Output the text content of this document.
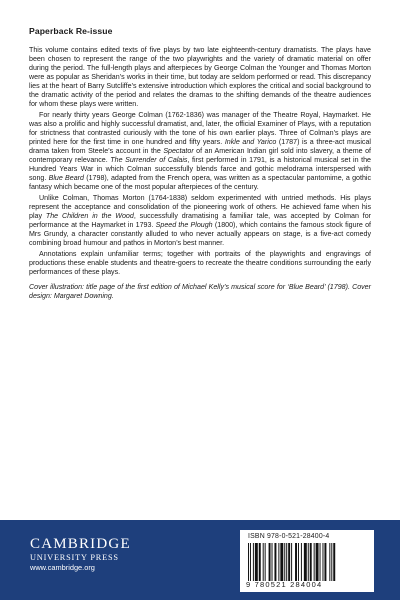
Paperback Re-issue

This volume contains edited texts of five plays by two late eighteenth-century dramatists. The plays have been chosen to represent the range of the two playwrights and the variety of dramatic material on offer during the period. The full-length plays and afterpieces by George Colman the Younger and Thomas Morton were as popular as Sheridan’s works in their time, but today are seldom performed or read. This discrepancy lies at the heart of Barry Sutcliffe’s extensive introduction which explores the critical and social background to the dramatic activity of the period and relates the dramas to the shifting demands of the theatre audiences for whom these plays were written.

For nearly thirty years George Colman (1762-1836) was manager of the Theatre Royal, Haymarket. He was also a prolific and highly successful dramatist, and, later, the official Examiner of Plays, with a reputation for strictness that contrasted curiously with the tone of his own earlier plays. Three of Colman’s plays are printed here for the first time in one hundred and fifty years. Inkle and Yarico (1787) is a three-act musical drama taken from Steele’s account in the Spectator of an American Indian girl sold into slavery, a theme of contemporary relevance. The Surrender of Calais, first performed in 1791, is a historical musical set in the Hundred Years War in which Colman successfully blends farce and gothic melodrama interspersed with song. Blue Beard (1798), adapted from the French opera, was written as a spectacular pantomime, a gothic fantasy which became one of the most popular afterpieces of the century.

Unlike Colman, Thomas Morton (1764-1838) seldom experimented with untried methods. His plays represent the acceptance and consolidation of the pioneering work of others. He achieved fame when his play The Children in the Wood, successfully dramatising a familiar tale, was accepted by Colman for performance at the Haymarket in 1793. Speed the Plough (1800), which contains the famous stock figure of Mrs Grundy, a character constantly alluded to who never actually appears on stage, is a five-act comedy combining broad humour and pathos in Morton’s best manner.

Annotations explain unfamiliar terms; together with portraits of the playwrights and engravings of productions these enable students and theatre-goers to recreate the theatre conditions surrounding the early performances of these plays.

Cover illustration: title page of the first edition of Michael Kelly’s musical score for ‘Blue Beard’ (1798). Cover design: Margaret Downing.

CAMBRIDGE
UNIVERSITY PRESS
www.cambridge.org
ISBN 978-0-521-28400-4
9 780521 284004
